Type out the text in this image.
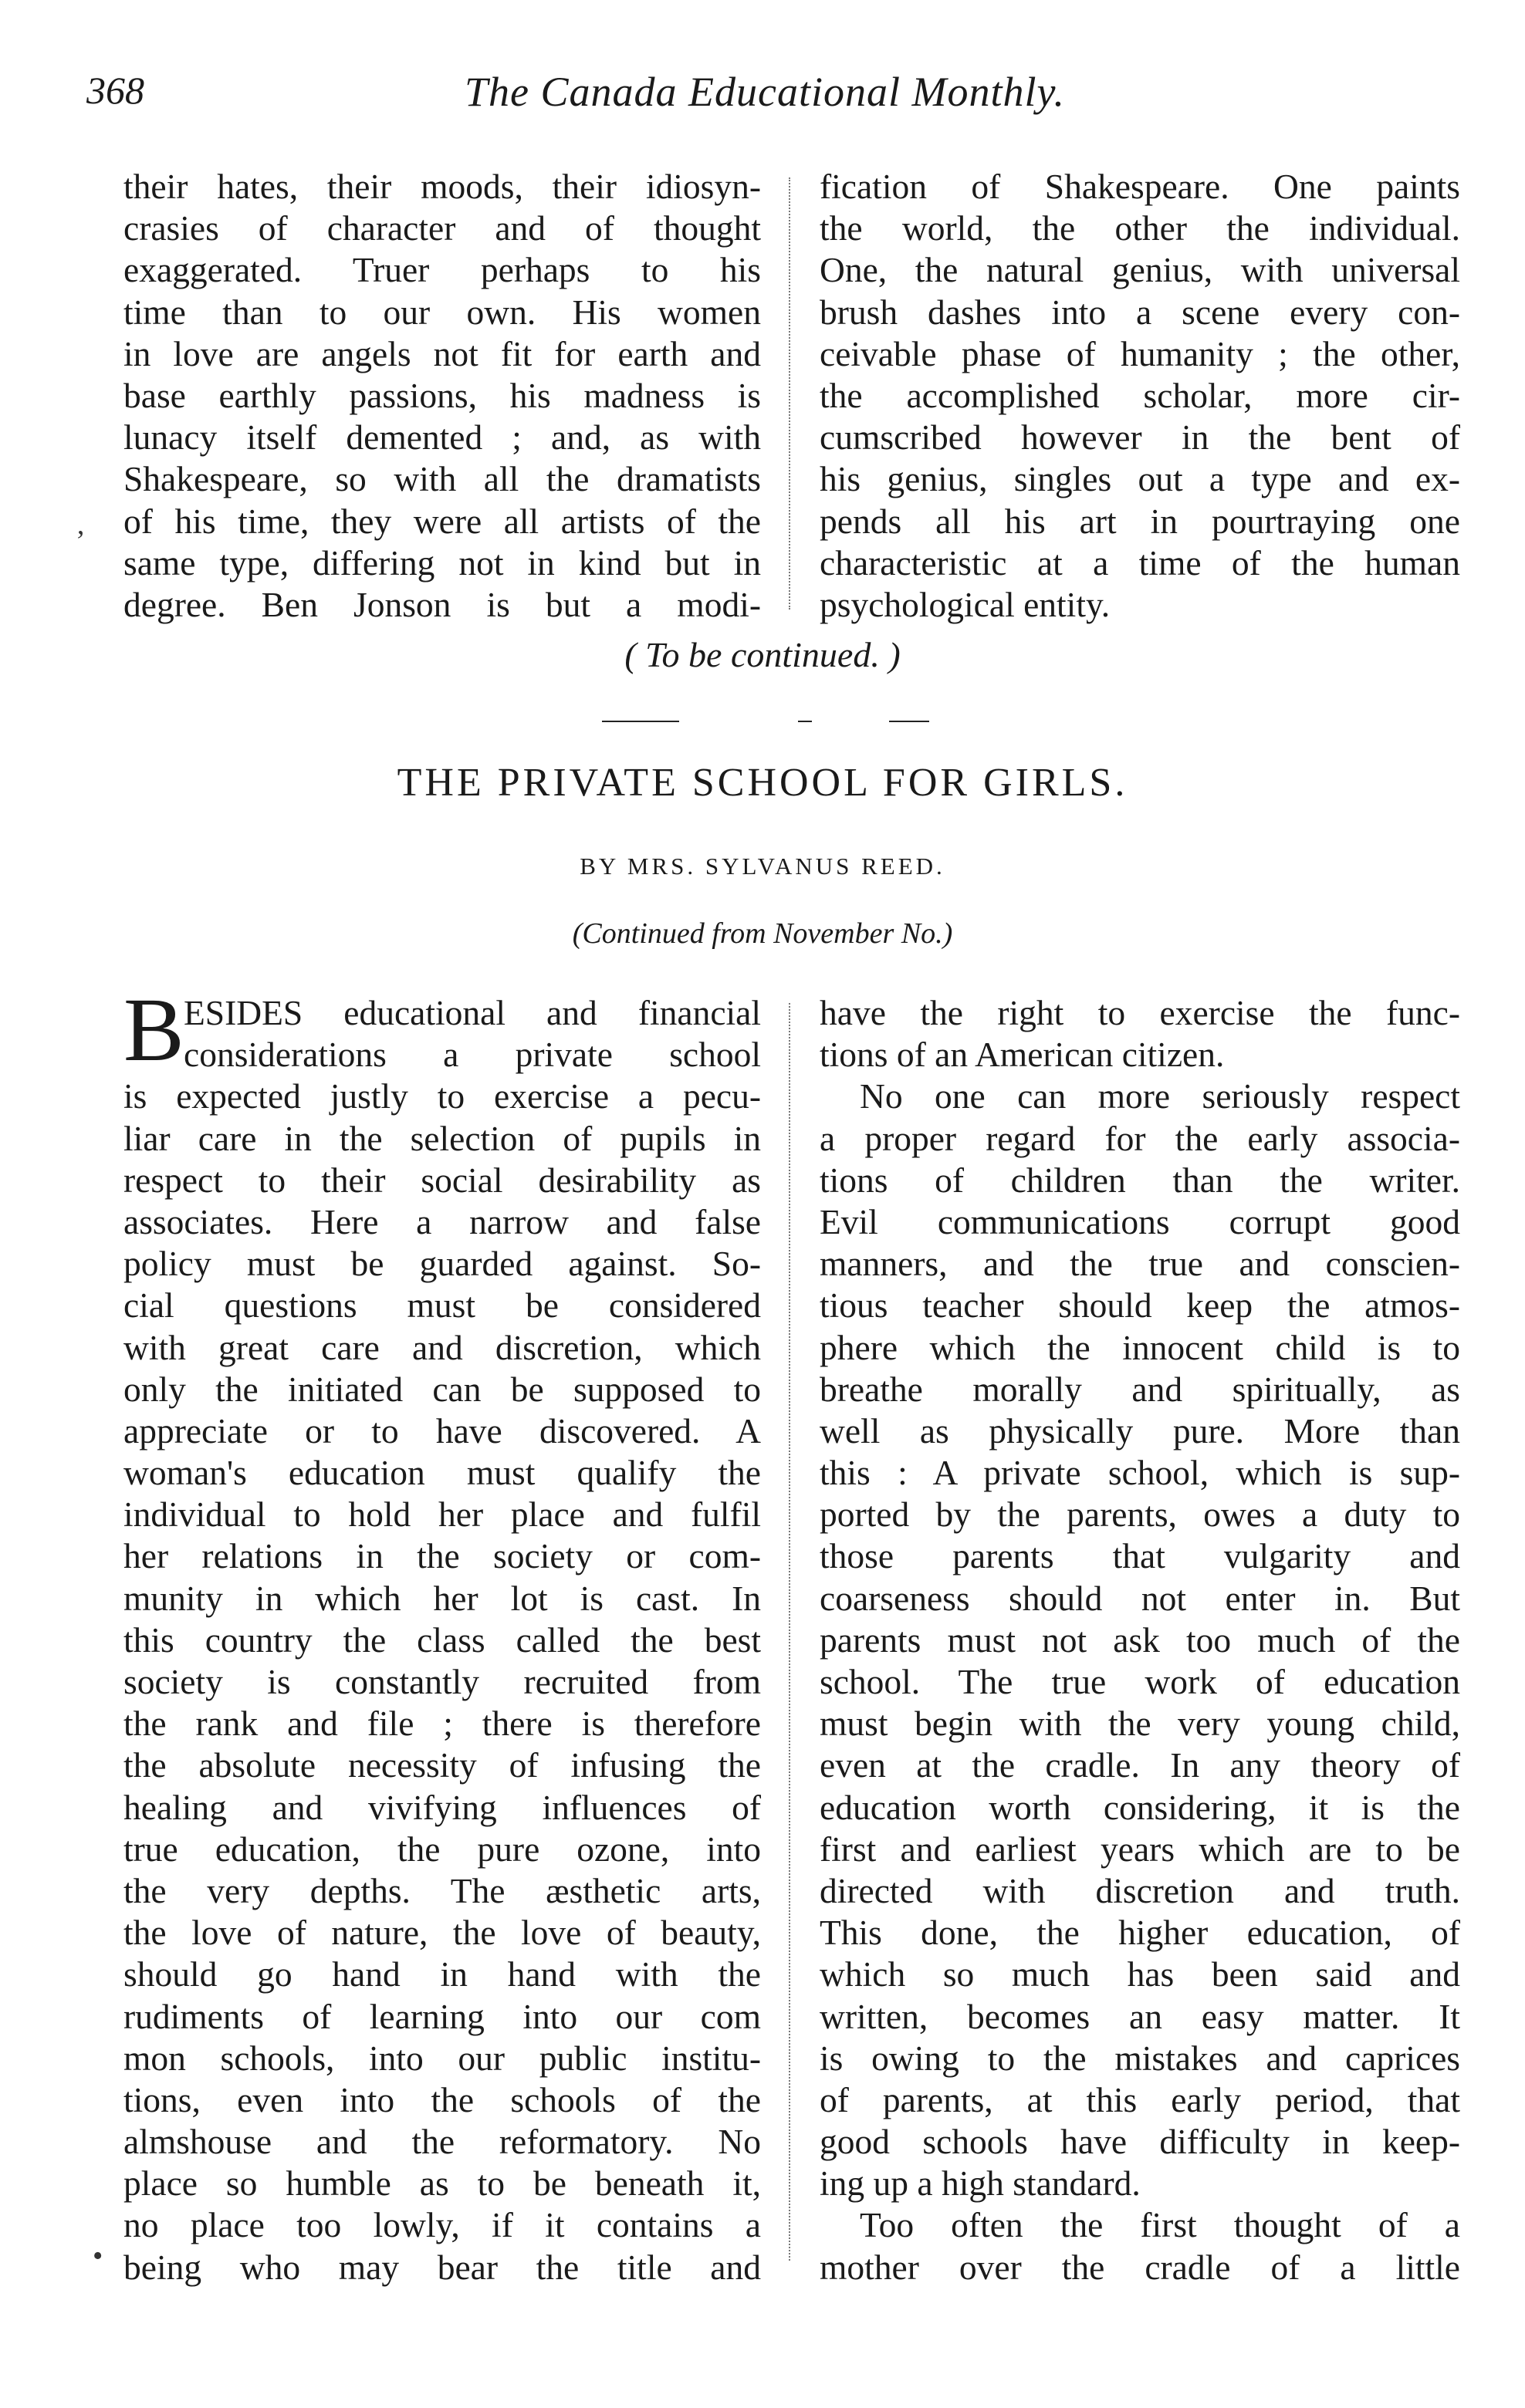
368	The Canada Educational Monthly.
their hates, their moods, their idiosyn-
crasies of character and of thought
exaggerated. Truer perhaps to his
time than to our own. His women
in love are angels not fit for earth and
base earthly passions, his madness is
lunacy itself demented ; and, as with
Shakespeare, so with all the dramatists
of his time, they were all artists of the
same type, differing not in kind but in
degree. Ben Jonson is but a modi-
fication of Shakespeare. One paints
the world, the other the individual.
One, the natural genius, with universal
brush dashes into a scene every con-
ceivable phase of humanity ; the other,
the accomplished scholar, more cir-
cumscribed however in the bent of
his genius, singles out a type and ex-
pends all his art in pourtraying one
characteristic at a time of the human
psychological entity.
‚
( To be continued. )
THE PRIVATE SCHOOL FOR GIRLS.
BY MRS. SYLVANUS REED.
(Continued from November No.)
B ESIDES educational and financial
considerations a private school
is expected justly to exercise a pecu-
liar care in the selection of pupils in
respect to their social desirability as
associates. Here a narrow and false
policy must be guarded against. So-
cial questions must be considered
with great care and discretion, which
only the initiated can be supposed to
appreciate or to have discovered. A
woman's education must qualify the
individual to hold her place and fulfil
her relations in the society or com-
munity in which her lot is cast. In
this country the class called the best
society is constantly recruited from
the rank and file ; there is therefore
the absolute necessity of infusing the
healing and vivifying influences of
true education, the pure ozone, into
the very depths. The æsthetic arts,
the love of nature, the love of beauty,
should go hand in hand with the
rudiments of learning into our com
mon schools, into our public institu-
tions, even into the schools of the
almshouse and the reformatory. No
place so humble as to be beneath it,
no place too lowly, if it contains a
being who may bear the title and
have the right to exercise the func-
tions of an American citizen.
No one can more seriously respect
a proper regard for the early associa-
tions of children than the writer.
Evil communications corrupt good
manners, and the true and conscien-
tious teacher should keep the atmos-
phere which the innocent child is to
breathe morally and spiritually, as
well as physically pure. More than
this : A private school, which is sup-
ported by the parents, owes a duty to
those parents that vulgarity and
coarseness should not enter in. But
parents must not ask too much of the
school. The true work of education
must begin with the very young child,
even at the cradle. In any theory of
education worth considering, it is the
first and earliest years which are to be
directed with discretion and truth.
This done, the higher education, of
which so much has been said and
written, becomes an easy matter. It
is owing to the mistakes and caprices
of parents, at this early period, that
good schools have difficulty in keep-
ing up a high standard.
Too often the first thought of a
mother over the cradle of a little
•
